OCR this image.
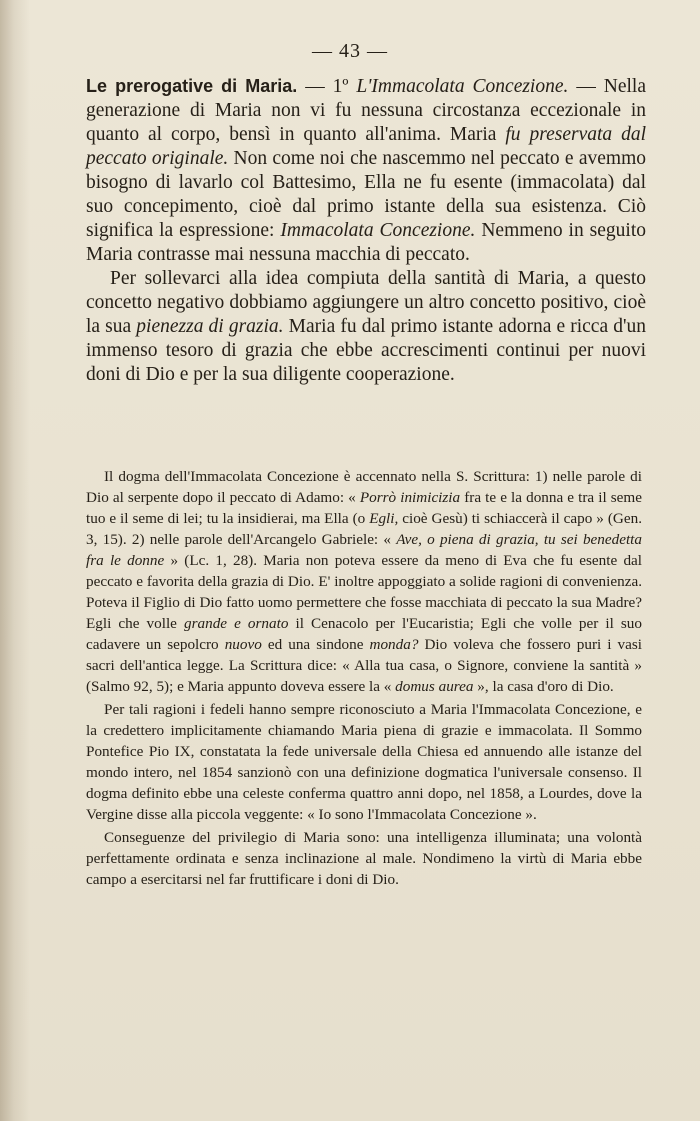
— 43 —

Le prerogative di Maria. — 1º L'Immacolata Concezione. — Nella generazione di Maria non vi fu nessuna circostanza eccezionale in quanto al corpo, bensì in quanto all'anima. Maria fu preservata dal peccato originale. Non come noi che nascemmo nel peccato e avemmo bisogno di lavarlo col Battesimo, Ella ne fu esente (immacolata) dal suo concepimento, cioè dal primo istante della sua esistenza. Ciò significa la espressione: Immacolata Concezione. Nemmeno in seguito Maria contrasse mai nessuna macchia di peccato.

Per sollevarci alla idea compiuta della santità di Maria, a questo concetto negativo dobbiamo aggiungere un altro concetto positivo, cioè la sua pienezza di grazia. Maria fu dal primo istante adorna e ricca d'un immenso tesoro di grazia che ebbe accrescimenti continui per nuovi doni di Dio e per la sua diligente cooperazione.

Il dogma dell'Immacolata Concezione è accennato nella S. Scrittura: 1) nelle parole di Dio al serpente dopo il peccato di Adamo: « Porrò inimicizia fra te e la donna e tra il seme tuo e il seme di lei; tu la insidierai, ma Ella (o Egli, cioè Gesù) ti schiaccerà il capo » (Gen. 3, 15). 2) nelle parole dell'Arcangelo Gabriele: « Ave, o piena di grazia, tu sei benedetta fra le donne » (Lc. 1, 28). Maria non poteva essere da meno di Eva che fu esente dal peccato e favorita della grazia di Dio. E' inoltre appoggiato a solide ragioni di convenienza. Poteva il Figlio di Dio fatto uomo permettere che fosse macchiata di peccato la sua Madre? Egli che volle grande e ornato il Cenacolo per l'Eucaristia; Egli che volle per il suo cadavere un sepolcro nuovo ed una sindone monda? Dio voleva che fossero puri i vasi sacri dell'antica legge. La Scrittura dice: « Alla tua casa, o Signore, conviene la santità » (Salmo 92, 5); e Maria appunto doveva essere la « domus aurea », la casa d'oro di Dio.

Per tali ragioni i fedeli hanno sempre riconosciuto a Maria l'Immacolata Concezione, e la credettero implicitamente chiamando Maria piena di grazie e immacolata. Il Sommo Pontefice Pio IX, constatata la fede universale della Chiesa ed annuendo alle istanze del mondo intero, nel 1854 sanzionò con una definizione dogmatica l'universale consenso. Il dogma definito ebbe una celeste conferma quattro anni dopo, nel 1858, a Lourdes, dove la Vergine disse alla piccola veggente: « Io sono l'Immacolata Concezione ».

Conseguenze del privilegio di Maria sono: una intelligenza illuminata; una volontà perfettamente ordinata e senza inclinazione al male. Nondimeno la virtù di Maria ebbe campo a esercitarsi nel far fruttificare i doni di Dio.
